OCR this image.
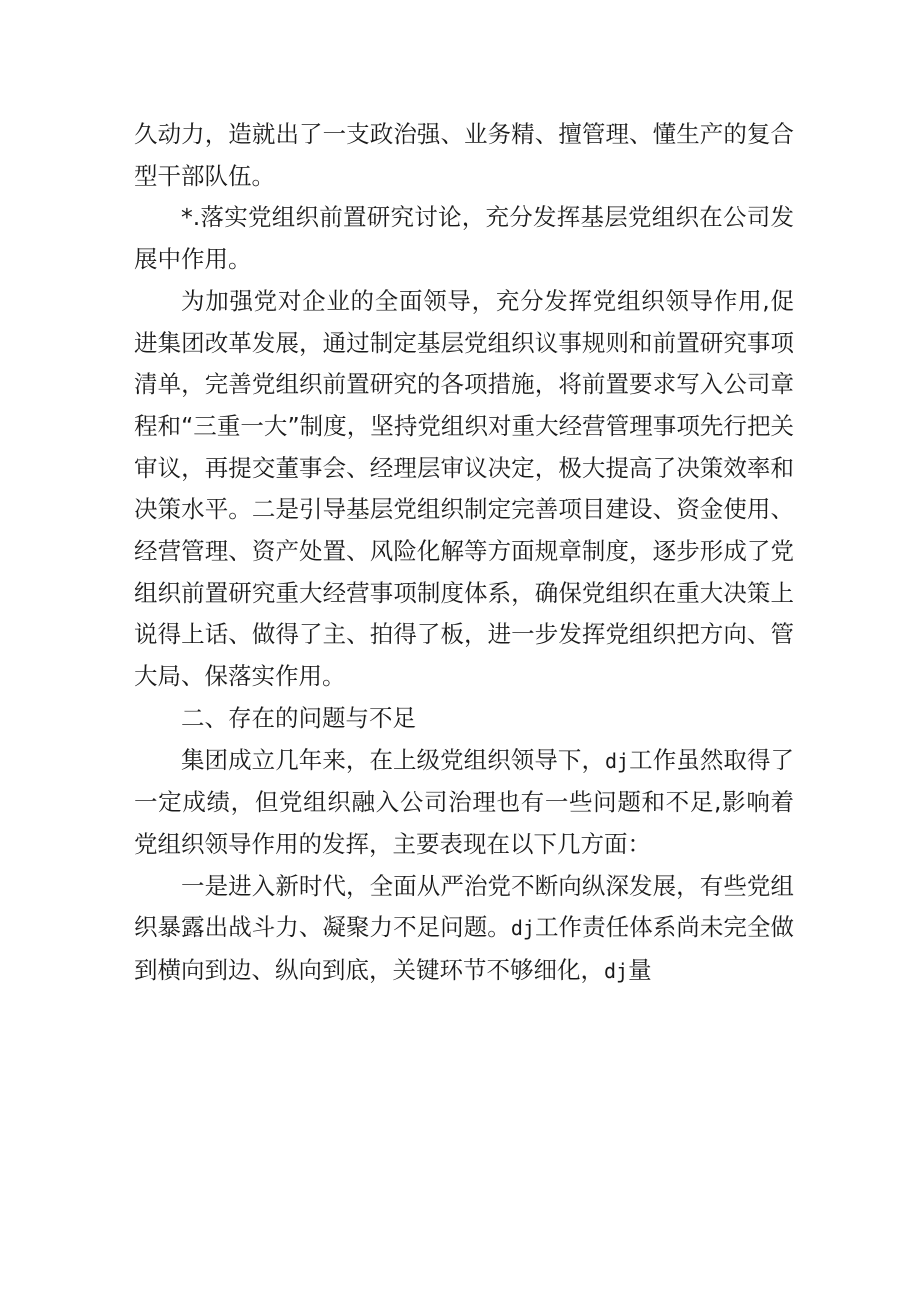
久动力，造就出了一支政治强、业务精、擅管理、懂生产的复合型干部队伍。

*.落实党组织前置研究讨论，充分发挥基层党组织在公司发展中作用。

为加强党对企业的全面领导，充分发挥党组织领导作用,促进集团改革发展，通过制定基层党组织议事规则和前置研究事项清单，完善党组织前置研究的各项措施，将前置要求写入公司章程和“三重一大”制度，坚持党组织对重大经营管理事项先行把关审议，再提交董事会、经理层审议决定，极大提高了决策效率和决策水平。二是引导基层党组织制定完善项目建设、资金使用、经营管理、资产处置、风险化解等方面规章制度，逐步形成了党组织前置研究重大经营事项制度体系，确保党组织在重大决策上说得上话、做得了主、拍得了板，进一步发挥党组织把方向、管大局、保落实作用。

二、存在的问题与不足

集团成立几年来，在上级党组织领导下，dj工作虽然取得了一定成绩，但党组织融入公司治理也有一些问题和不足,影响着党组织领导作用的发挥，主要表现在以下几方面：

一是进入新时代，全面从严治党不断向纵深发展，有些党组织暴露出战斗力、凝聚力不足问题。dj工作责任体系尚未完全做到横向到边、纵向到底，关键环节不够细化，dj量
